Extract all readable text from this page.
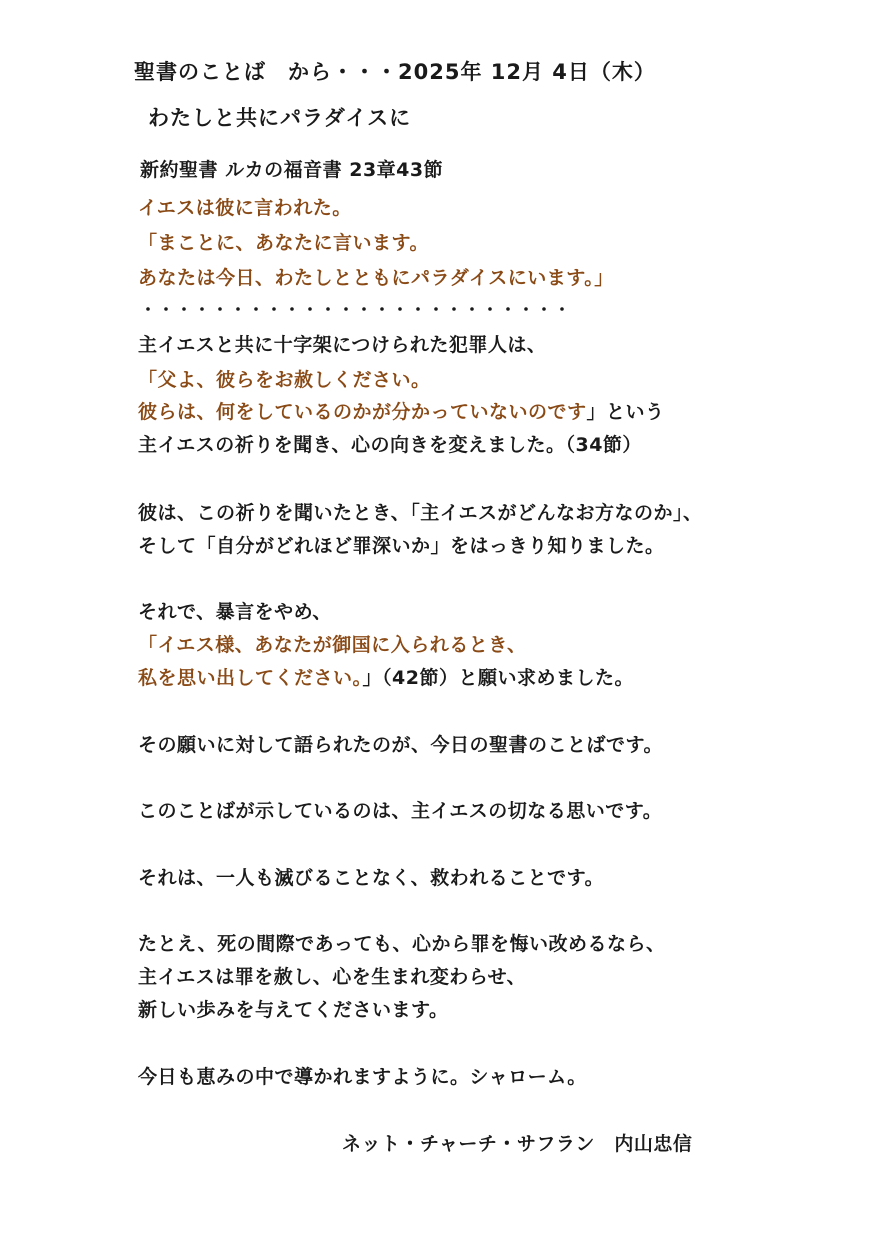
聖書のことば　から・・・2025年 12月 4日（木）
わたしと共にパラダイスに
新約聖書 ルカの福音書 23章43節
イエスは彼に言われた。
「まことに、あなたに言います。
あなたは今日、わたしとともにパラダイスにいます。」
・・・・・・・・・・・・・・・・・・・・・・・・
主イエスと共に十字架につけられた犯罪人は、
「父よ、彼らをお赦しください。
彼らは、何をしているのかが分かっていないのです」という
主イエスの祈りを聞き、心の向きを変えました。（34節）
彼は、この祈りを聞いたとき、「主イエスがどんなお方なのか」、
そして「自分がどれほど罪深いか」をはっきり知りました。
それで、暴言をやめ、
「イエス様、あなたが御国に入られるとき、
私を思い出してください。」（42節）と願い求めました。
その願いに対して語られたのが、今日の聖書のことばです。
このことばが示しているのは、主イエスの切なる思いです。
それは、一人も滅びることなく、救われることです。
たとえ、死の間際であっても、心から罪を悔い改めるなら、
主イエスは罪を赦し、心を生まれ変わらせ、
新しい歩みを与えてくださいます。
今日も恵みの中で導かれますように。シャローム。
ネット・チャーチ・サフラン　内山忠信
